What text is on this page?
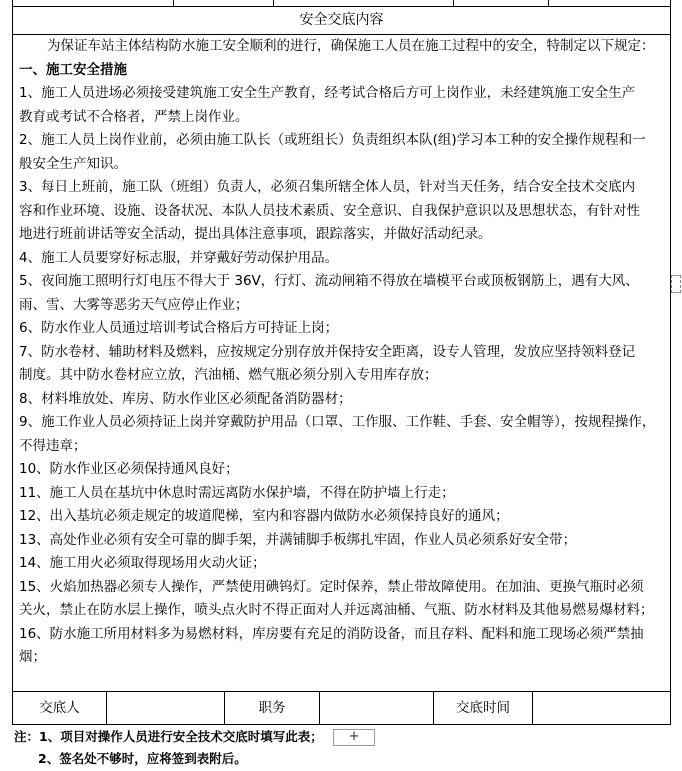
安全交底内容
为保证车站主体结构防水施工安全顺利的进行，确保施工人员在施工过程中的安全，特制定以下规定：
一、施工安全措施
1、施工人员进场必须接受建筑施工安全生产教育，经考试合格后方可上岗作业，未经建筑施工安全生产
教育或考试不合格者，严禁上岗作业。
2、施工人员上岗作业前，必须由施工队长（或班组长）负责组织本队(组)学习本工种的安全操作规程和一
般安全生产知识。
3、每日上班前，施工队（班组）负责人，必须召集所辖全体人员，针对当天任务，结合安全技术交底内
容和作业环境、设施、设备状况、本队人员技术素质、安全意识、自我保护意识以及思想状态，有针对性
地进行班前讲话等安全活动，提出具体注意事项，跟踪落实，并做好活动纪录。
4、施工人员要穿好标志服，并穿戴好劳动保护用品。
5、夜间施工照明行灯电压不得大于 36V，行灯、流动闸箱不得放在墙模平台或顶板钢筋上，遇有大风、
雨、雪、大雾等恶劣天气应停止作业；
6、防水作业人员通过培训考试合格后方可持证上岗；
7、防水卷材、辅助材料及燃料，应按规定分别存放并保持安全距离，设专人管理，发放应坚持领料登记
制度。其中防水卷材应立放，汽油桶、燃气瓶必须分别入专用库存放；
8、材料堆放处、库房、防水作业区必须配备消防器材；
9、施工作业人员必须持证上岗并穿戴防护用品（口罩、工作服、工作鞋、手套、安全帽等），按规程操作，
不得违章；
10、防水作业区必须保持通风良好；
11、施工人员在基坑中休息时需远离防水保护墙，不得在防护墙上行走；
12、出入基坑必须走规定的坡道爬梯，室内和容器内做防水必须保持良好的通风；
13、高处作业必须有安全可靠的脚手架，并满铺脚手板绑扎牢固，作业人员必须系好安全带；
14、施工用火必须取得现场用火动火证；
15、火焰加热器必须专人操作，严禁使用碘钨灯。定时保养，禁止带故障使用。在加油、更换气瓶时必须
关火，禁止在防水层上操作，喷头点火时不得正面对人并远离油桶、气瓶、防水材料及其他易燃易爆材料；
16、防水施工所用材料多为易燃材料，库房要有充足的消防设备，而且存料、配料和施工现场必须严禁抽
烟；
交底人	职务	交底时间
注：1、项目对操作人员进行安全技术交底时填写此表； +
2、签名处不够时，应将签到表附后。
